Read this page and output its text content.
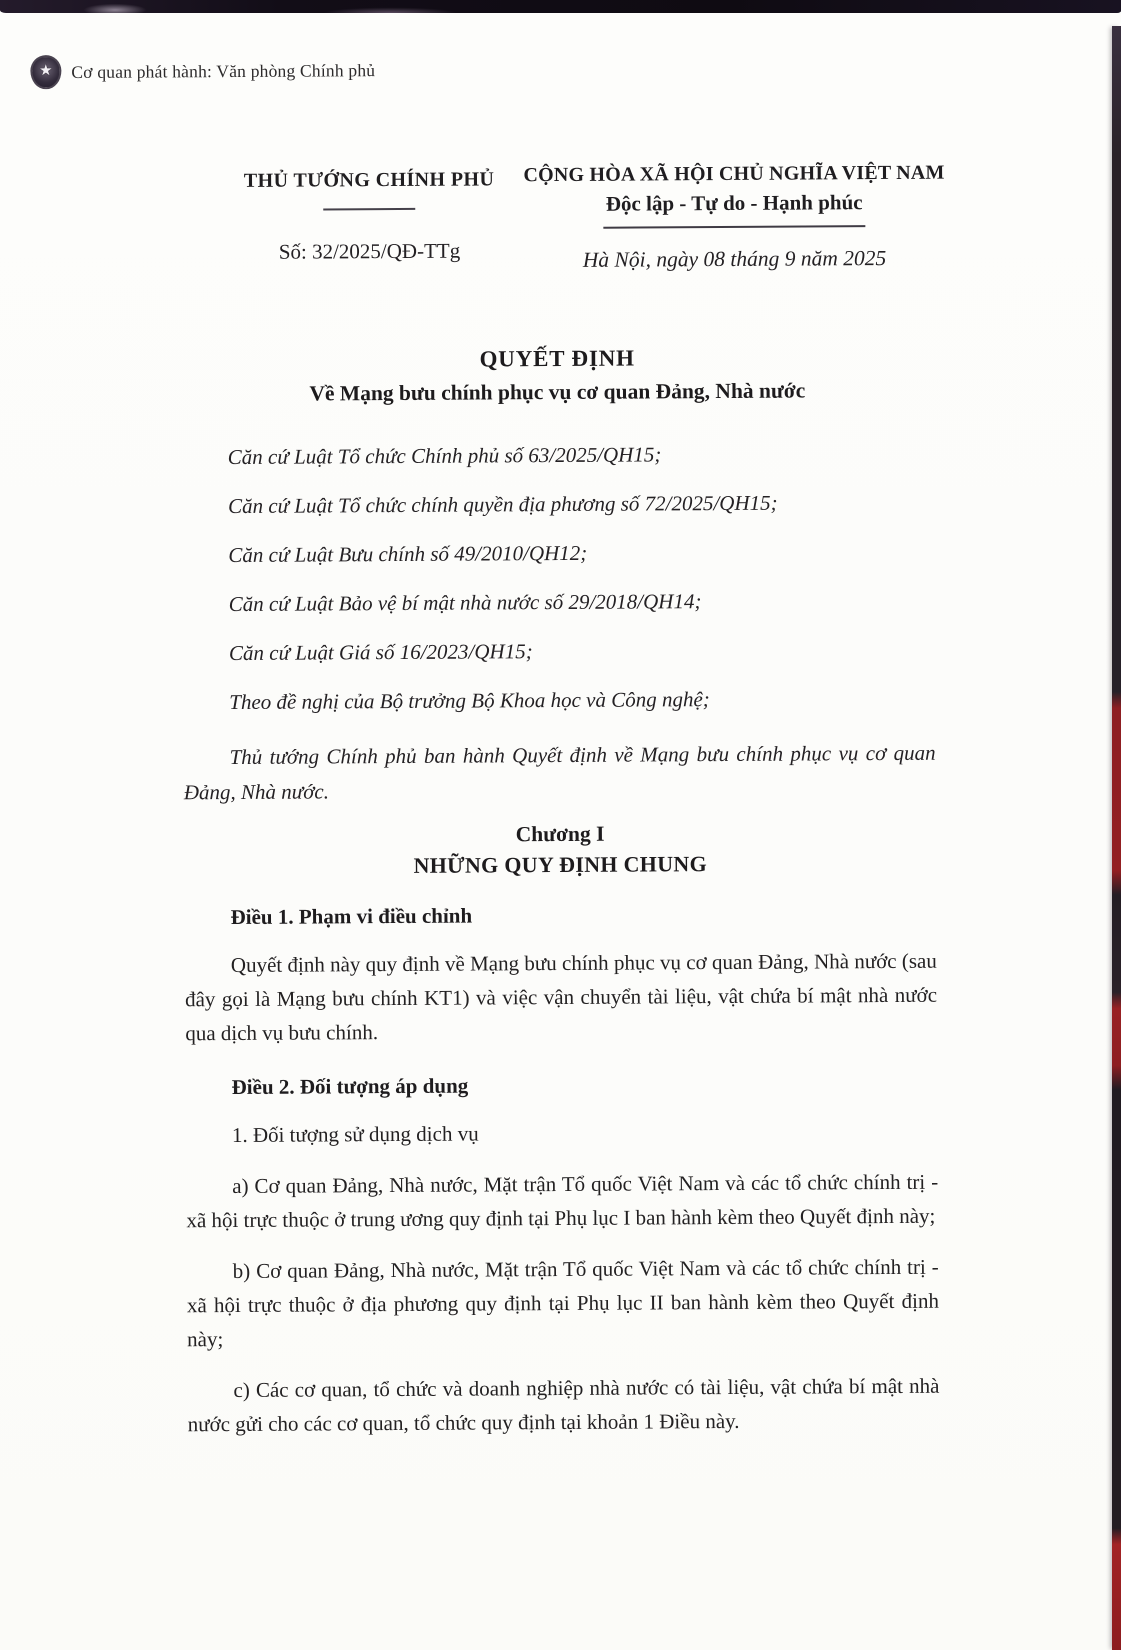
★ Cơ quan phát hành: Văn phòng Chính phủ
THỦ TƯỚNG CHÍNH PHỦ
Số: 32/2025/QĐ-TTg
CỘNG HÒA XÃ HỘI CHỦ NGHĨA VIỆT NAM
Độc lập - Tự do - Hạnh phúc
Hà Nội, ngày 08 tháng 9 năm 2025
QUYẾT ĐỊNH
Về Mạng bưu chính phục vụ cơ quan Đảng, Nhà nước

Căn cứ Luật Tổ chức Chính phủ số 63/2025/QH15;

Căn cứ Luật Tổ chức chính quyền địa phương số 72/2025/QH15;

Căn cứ Luật Bưu chính số 49/2010/QH12;

Căn cứ Luật Bảo vệ bí mật nhà nước số 29/2018/QH14;

Căn cứ Luật Giá số 16/2023/QH15;

Theo đề nghị của Bộ trưởng Bộ Khoa học và Công nghệ;

Thủ tướng Chính phủ ban hành Quyết định về Mạng bưu chính phục vụ cơ quan Đảng, Nhà nước.

Chương I
NHỮNG QUY ĐỊNH CHUNG

Điều 1. Phạm vi điều chỉnh

Quyết định này quy định về Mạng bưu chính phục vụ cơ quan Đảng, Nhà nước (sau đây gọi là Mạng bưu chính KT1) và việc vận chuyển tài liệu, vật chứa bí mật nhà nước qua dịch vụ bưu chính.

Điều 2. Đối tượng áp dụng

1. Đối tượng sử dụng dịch vụ

a) Cơ quan Đảng, Nhà nước, Mặt trận Tổ quốc Việt Nam và các tổ chức chính trị - xã hội trực thuộc ở trung ương quy định tại Phụ lục I ban hành kèm theo Quyết định này;

b) Cơ quan Đảng, Nhà nước, Mặt trận Tổ quốc Việt Nam và các tổ chức chính trị - xã hội trực thuộc ở địa phương quy định tại Phụ lục II ban hành kèm theo Quyết định này;

c) Các cơ quan, tổ chức và doanh nghiệp nhà nước có tài liệu, vật chứa bí mật nhà nước gửi cho các cơ quan, tổ chức quy định tại khoản 1 Điều này.
